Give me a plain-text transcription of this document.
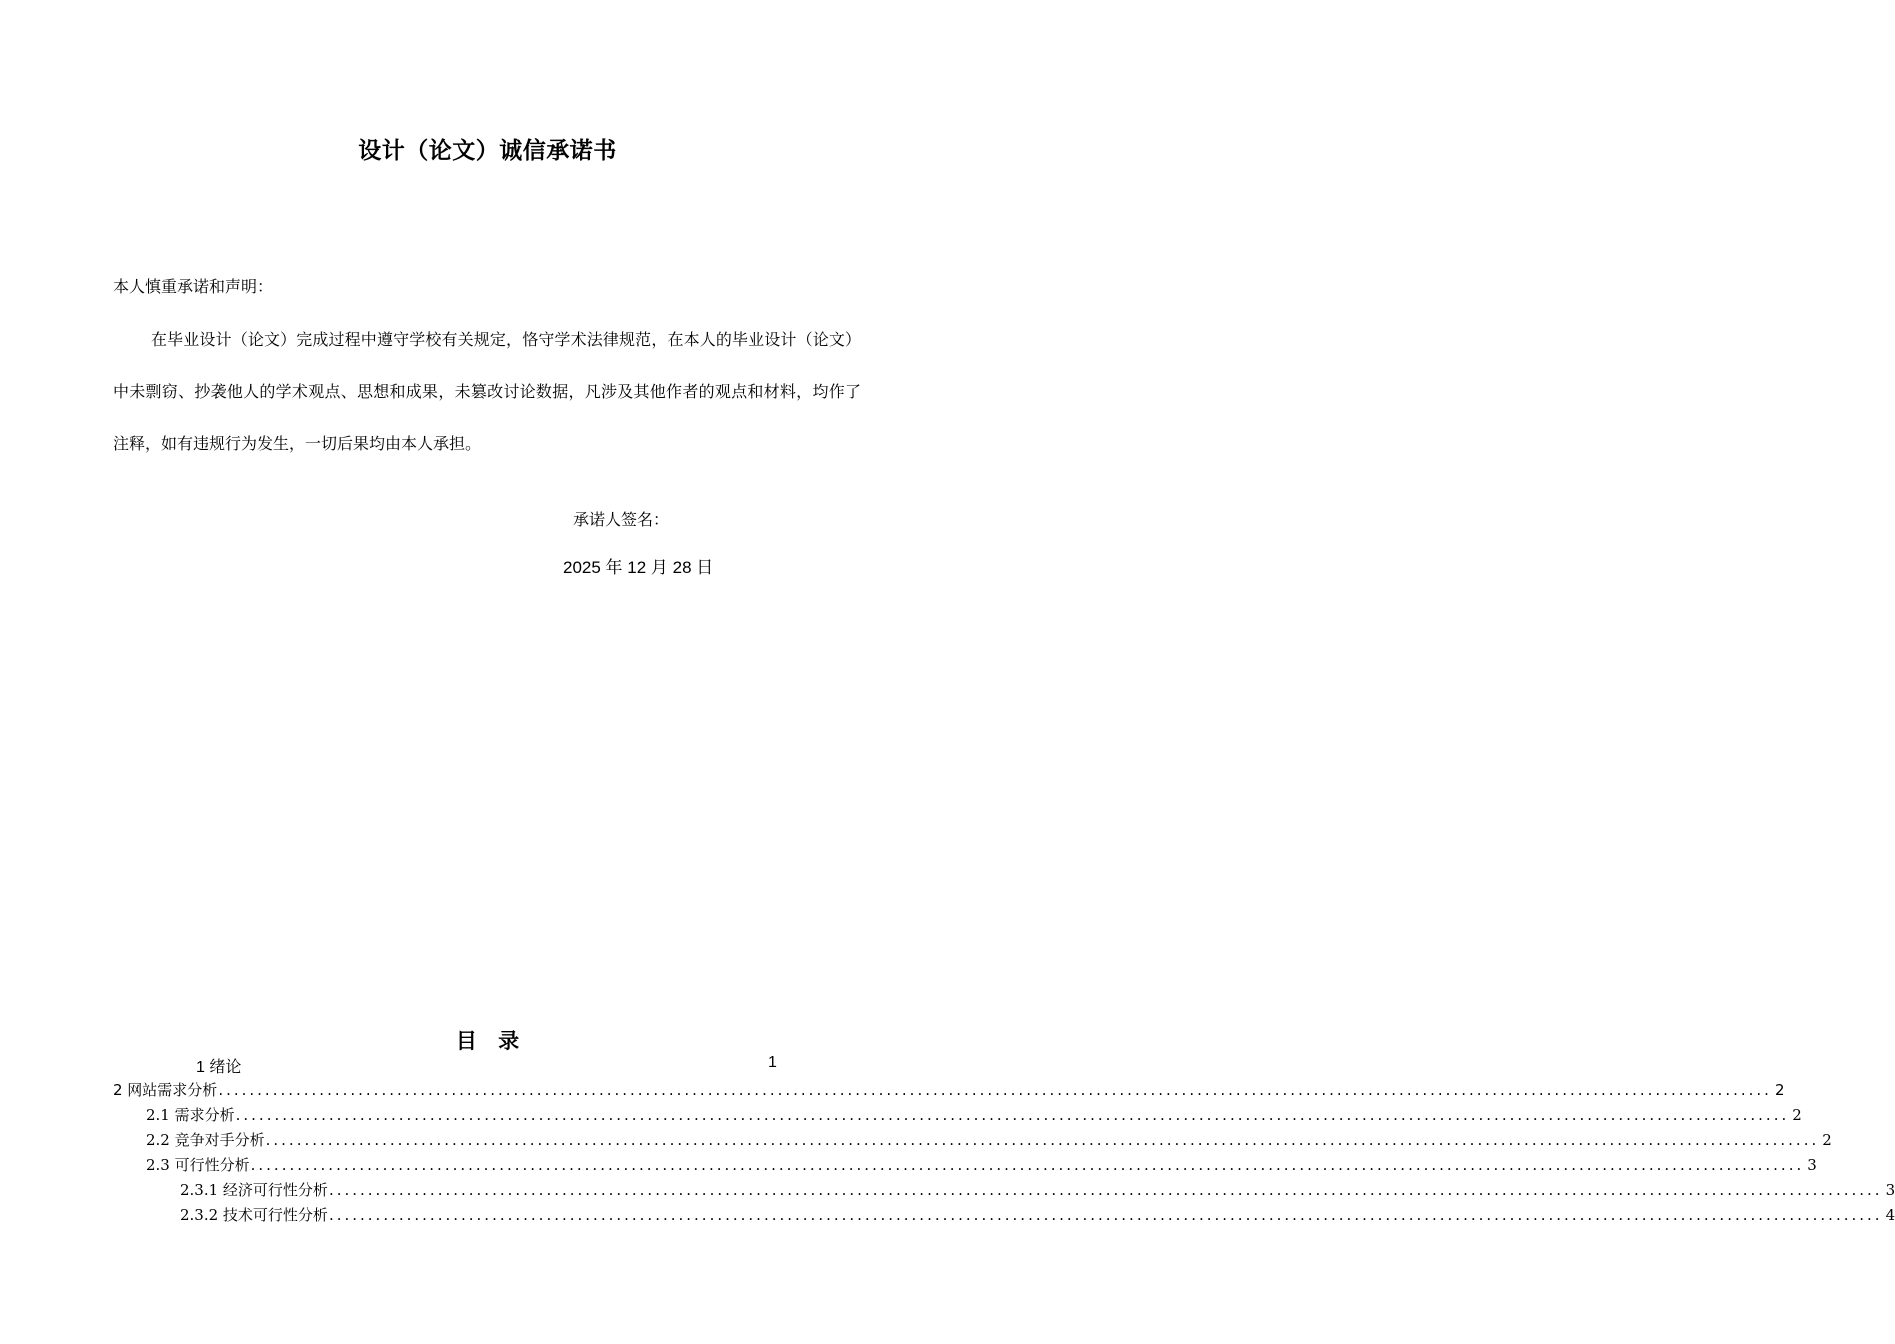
设计（论文）诚信承诺书
本人慎重承诺和声明：
在毕业设计（论文）完成过程中遵守学校有关规定，恪守学术法律规范，在本人的毕业设计（论文）中未剽窃、抄袭他人的学术观点、思想和成果，未篡改讨论数据，凡涉及其他作者的观点和材料，均作了注释，如有违规行为发生，一切后果均由本人承担。
承诺人签名：
2025 年 12 月 28 日
目 录
1 绪论	1
2 网站需求分析 ........................................................................................................................................................................................................ 2
2.1 需求分析 ........................................................................................................................................................................................................ 2
2.2 竞争对手分析 ........................................................................................................................................................................................................ 2
2.3 可行性分析 ........................................................................................................................................................................................................ 3
2.3.1 经济可行性分析 ........................................................................................................................................................................................................ 3
2.3.2 技术可行性分析 ........................................................................................................................................................................................................ 4
